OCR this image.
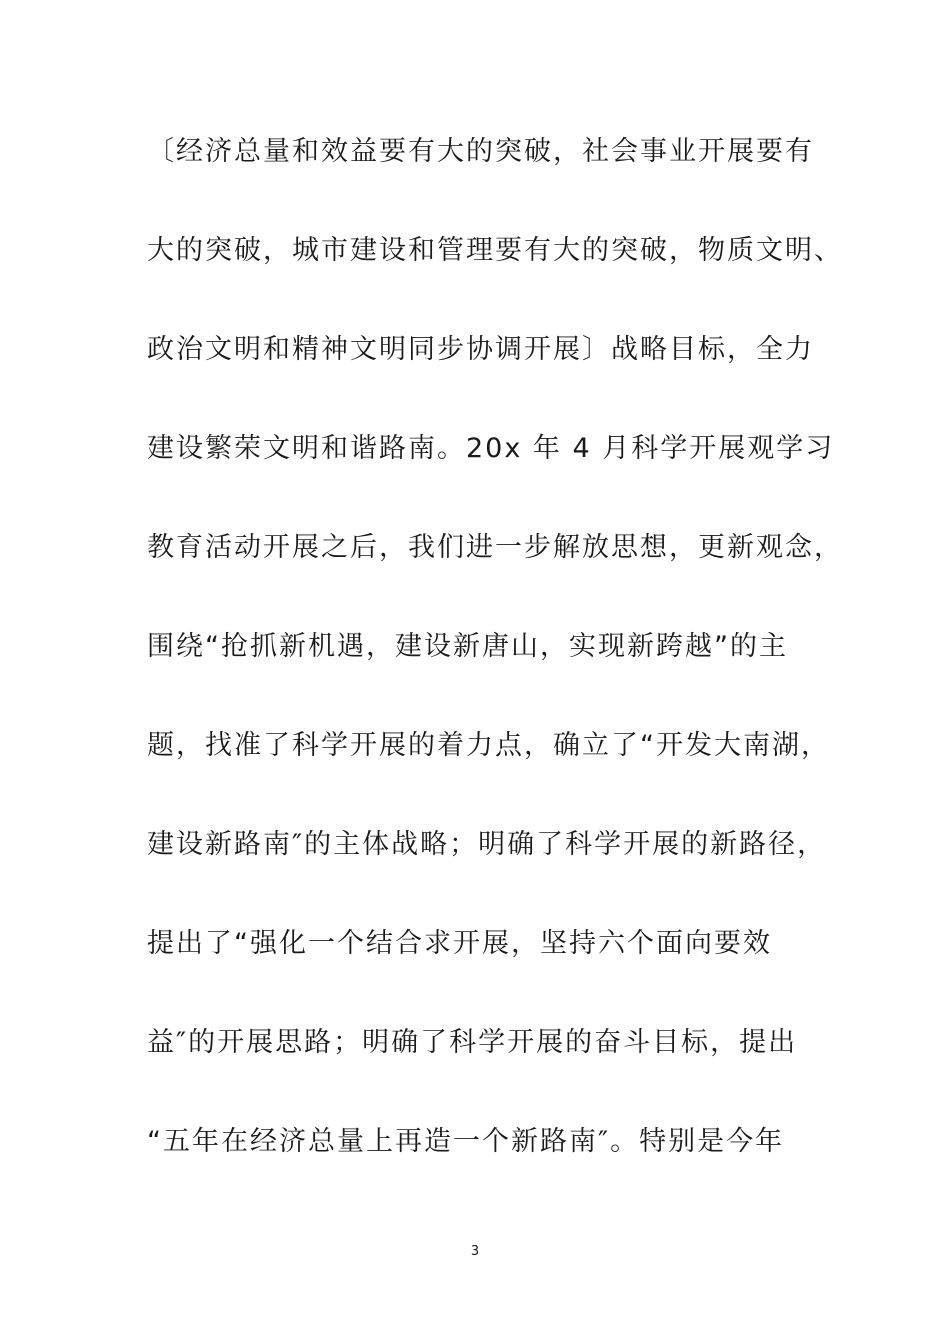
〔经济总量和效益要有大的突破，社会事业开展要有
大的突破，城市建设和管理要有大的突破，物质文明、
政治文明和精神文明同步协调开展〕战略目标，全力
建设繁荣文明和谐路南。20x 年 4 月科学开展观学习
教育活动开展之后，我们进一步解放思想，更新观念，
围绕“抢抓新机遇，建设新唐山，实现新跨越”的主
题，找准了科学开展的着力点，确立了“开发大南湖，
建设新路南″的主体战略；明确了科学开展的新路径，
提出了“强化一个结合求开展，坚持六个面向要效
益″的开展思路；明确了科学开展的奋斗目标，提出
“五年在经济总量上再造一个新路南″。特别是今年
3
